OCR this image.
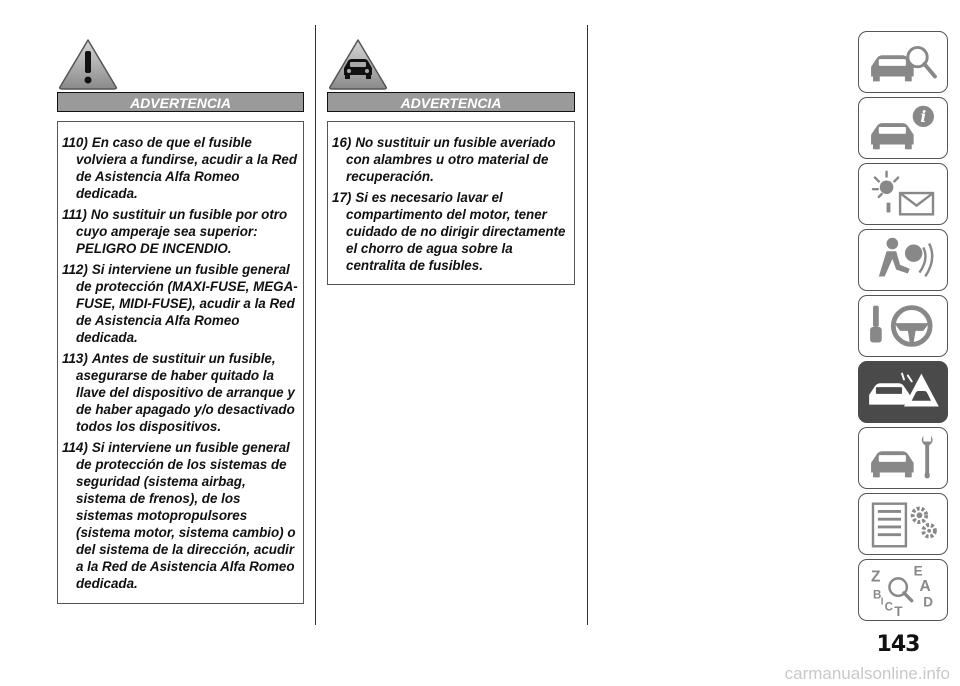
ADVERTENCIA

110) En caso de que el fusible volviera a fundirse, acudir a la Red de Asistencia Alfa Romeo dedicada.

111) No sustituir un fusible por otro cuyo amperaje sea superior: PELIGRO DE INCENDIO.

112) Si interviene un fusible general de protección (MAXI-FUSE, MEGA-FUSE, MIDI-FUSE), acudir a la Red de Asistencia Alfa Romeo dedicada.

113) Antes de sustituir un fusible, asegurarse de haber quitado la llave del dispositivo de arranque y de haber apagado y/o desactivado todos los dispositivos.

114) Si interviene un fusible general de protección de los sistemas de seguridad (sistema airbag, sistema de frenos), de los sistemas motopropulsores (sistema motor, sistema cambio) o del sistema de la dirección, acudir a la Red de Asistencia Alfa Romeo dedicada.

ADVERTENCIA

16) No sustituir un fusible averiado con alambres u otro material de recuperación.

17) Si es necesario lavar el compartimento del motor, tener cuidado de no dirigir directamente el chorro de agua sobre la centralita de fusibles.

i
Z E
A
B	D
C T
I
143
carmanualsonline.info
